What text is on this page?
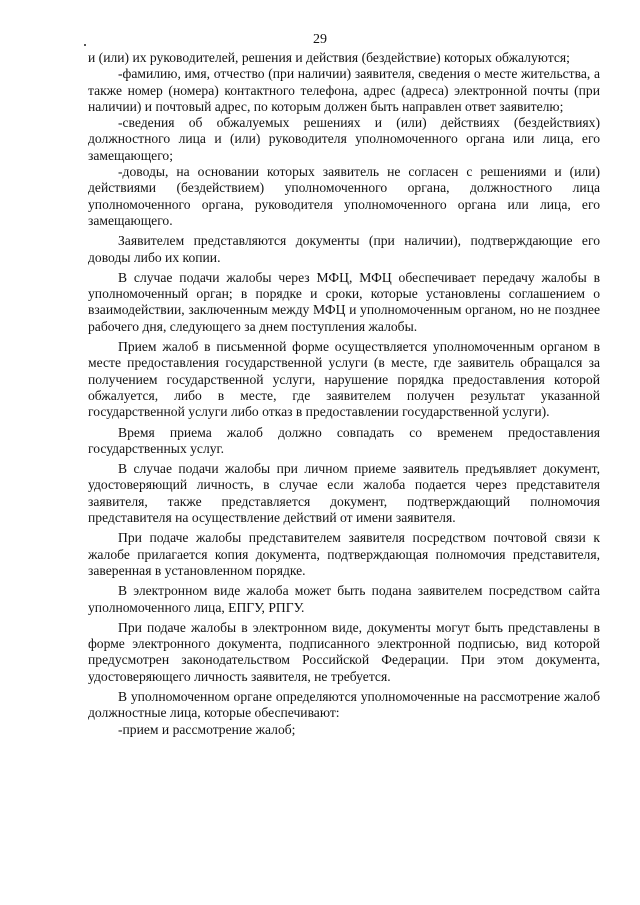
29

и (или) их руководителей, решения и действия (бездействие) которых обжалуются;

-фамилию, имя, отчество (при наличии) заявителя, сведения о месте жительства, а также номер (номера) контактного телефона, адрес (адреса) электронной почты (при наличии) и почтовый адрес, по которым должен быть направлен ответ заявителю;

-сведения об обжалуемых решениях и (или) действиях (бездействиях) должностного лица и (или) руководителя уполномоченного органа или лица, его замещающего;

-доводы, на основании которых заявитель не согласен с решениями и (или) действиями (бездействием) уполномоченного органа, должностного лица уполномоченного органа, руководителя уполномоченного органа или лица, его замещающего.

Заявителем представляются документы (при наличии), подтверждающие его доводы либо их копии.

В случае подачи жалобы через МФЦ, МФЦ обеспечивает передачу жалобы в уполномоченный орган; в порядке и сроки, которые установлены соглашением о взаимодействии, заключенным между МФЦ и уполномоченным органом, но не позднее рабочего дня, следующего за днем поступления жалобы.

Прием жалоб в письменной форме осуществляется уполномоченным органом в месте предоставления государственной услуги (в месте, где заявитель обращался за получением государственной услуги, нарушение порядка предоставления которой обжалуется, либо в месте, где заявителем получен результат указанной государственной услуги либо отказ в предоставлении государственной услуги).

Время приема жалоб должно совпадать со временем предоставления государственных услуг.

В случае подачи жалобы при личном приеме заявитель предъявляет документ, удостоверяющий личность, в случае если жалоба подается через представителя заявителя, также представляется документ, подтверждающий полномочия представителя на осуществление действий от имени заявителя.

При подаче жалобы представителем заявителя посредством почтовой связи к жалобе прилагается копия документа, подтверждающая полномочия представителя, заверенная в установленном порядке.

В электронном виде жалоба может быть подана заявителем посредством сайта уполномоченного лица, ЕПГУ, РПГУ.

При подаче жалобы в электронном виде, документы могут быть представлены в форме электронного документа, подписанного электронной подписью, вид которой предусмотрен законодательством Российской Федерации. При этом документа, удостоверяющего личность заявителя, не требуется.

В уполномоченном органе определяются уполномоченные на рассмотрение жалоб должностные лица, которые обеспечивают:

-прием и рассмотрение жалоб;
